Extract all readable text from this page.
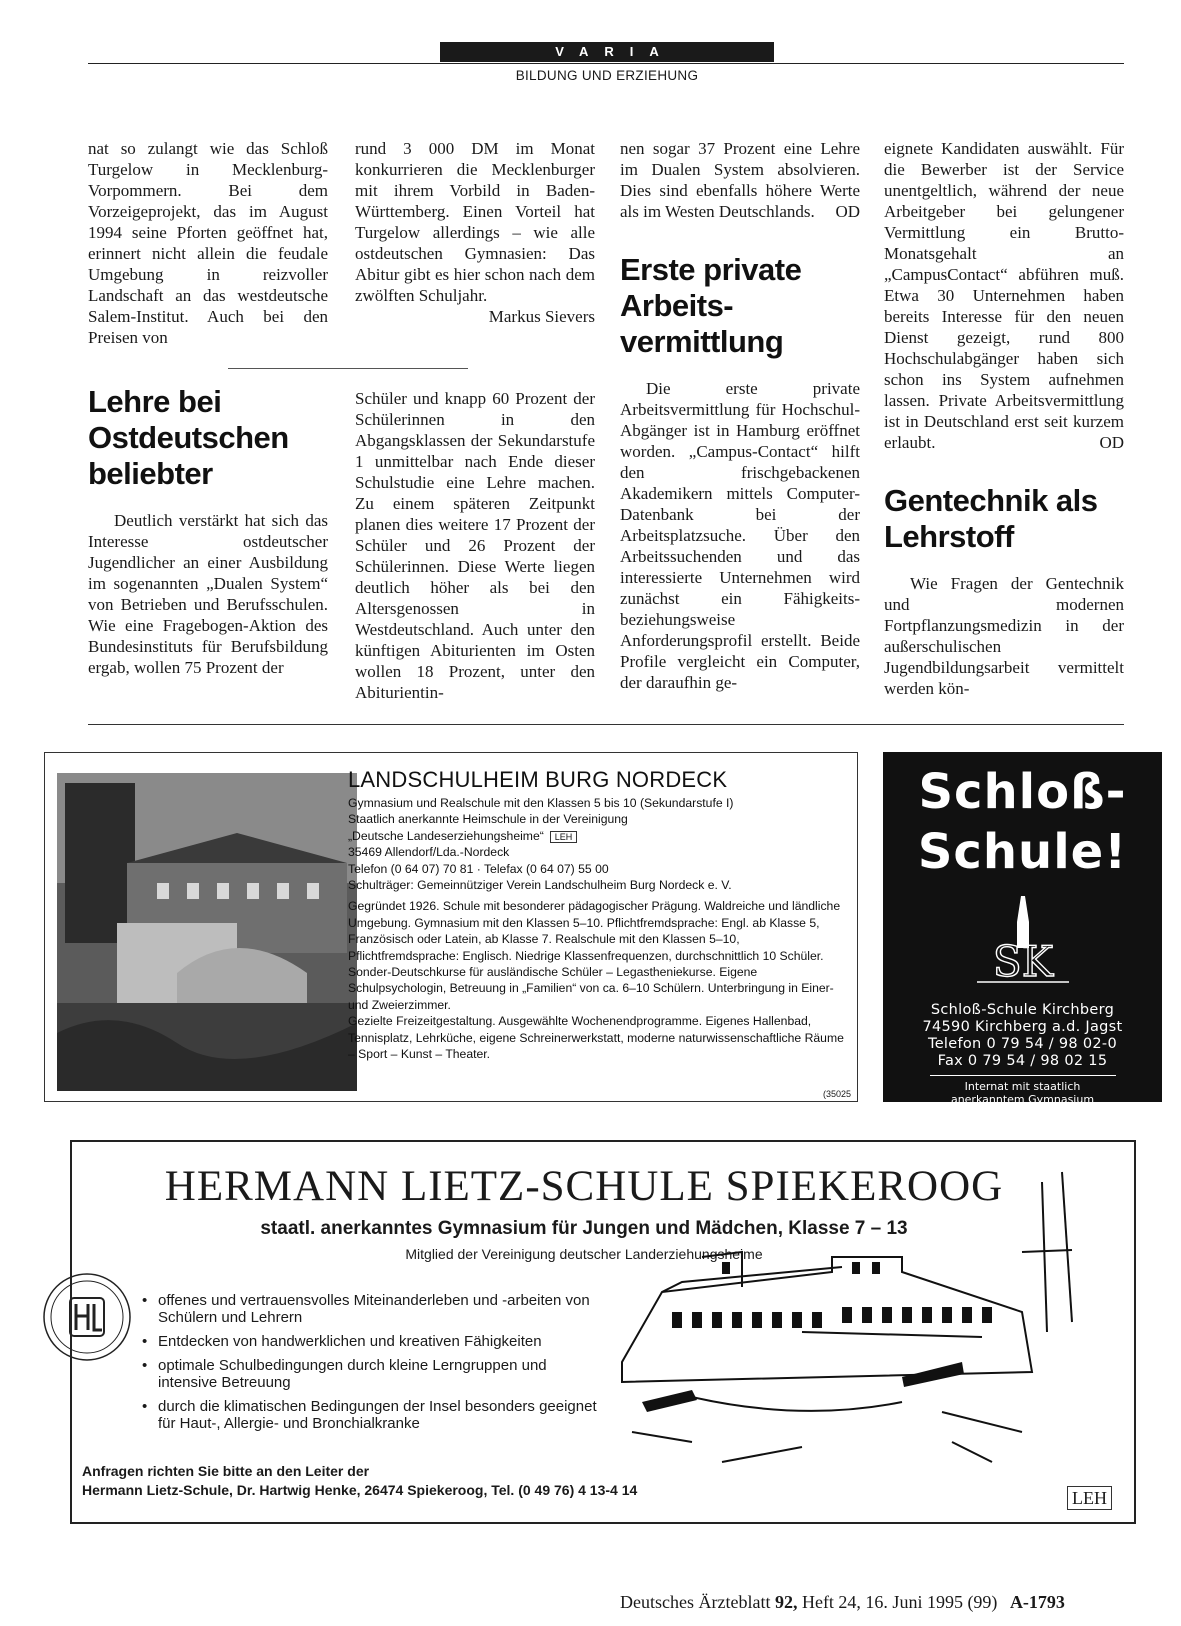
VARIA
BILDUNG UND ERZIEHUNG

nat so zulangt wie das Schloß Turgelow in Mecklenburg-Vorpommern. Bei dem Vorzeigeprojekt, das im August 1994 seine Pforten geöffnet hat, erinnert nicht allein die feudale Umgebung in reizvoller Landschaft an das westdeutsche Salem-Institut. Auch bei den Preisen von

Lehre bei Ostdeutschen beliebter

Deutlich verstärkt hat sich das Interesse ostdeutscher Jugendlicher an einer Ausbildung im sogenannten „Dualen System“ von Betrieben und Berufsschulen. Wie eine Fragebogen-Aktion des Bundesinstituts für Berufsbildung ergab, wollen 75 Prozent der

rund 3 000 DM im Monat konkurrieren die Mecklenburger mit ihrem Vorbild in Baden-Württemberg. Einen Vorteil hat Turgelow allerdings – wie alle ostdeutschen Gymnasien: Das Abitur gibt es hier schon nach dem zwölften Schuljahr.

Markus Sievers

Schüler und knapp 60 Prozent der Schülerinnen in den Abgangsklassen der Sekundarstufe 1 unmittelbar nach Ende dieser Schulstudie eine Lehre machen. Zu einem späteren Zeitpunkt planen dies weitere 17 Prozent der Schüler und 26 Prozent der Schülerinnen. Diese Werte liegen deutlich höher als bei den Altersgenossen in Westdeutschland. Auch unter den künftigen Abiturienten im Osten wollen 18 Prozent, unter den Abiturientin-

nen sogar 37 Prozent eine Lehre im Dualen System absolvieren. Dies sind ebenfalls höhere Werte als im Westen Deutschlands.	OD

Erste private Arbeits-vermittlung

Die erste private Arbeitsvermittlung für Hochschul-Abgänger ist in Hamburg eröffnet worden. „Campus-Contact“ hilft den frischgebackenen Akademikern mittels Computer-Datenbank bei der Arbeitsplatzsuche. Über den Arbeitssuchenden und das interessierte Unternehmen wird zunächst ein Fähigkeits- beziehungsweise Anforderungsprofil erstellt. Beide Profile vergleicht ein Computer, der daraufhin ge-

eignete Kandidaten auswählt. Für die Bewerber ist der Service unentgeltlich, während der neue Arbeitgeber bei gelungener Vermittlung ein Brutto-Monatsgehalt an „CampusContact“ abführen muß. Etwa 30 Unternehmen haben bereits Interesse für den neuen Dienst gezeigt, rund 800 Hochschulabgänger haben sich schon ins System aufnehmen lassen. Private Arbeitsvermittlung ist in Deutschland erst seit kurzem erlaubt.	OD

Gentechnik als Lehrstoff

Wie Fragen der Gentechnik und modernen Fortpflanzungsmedizin in der außerschulischen Jugendbildungsarbeit vermittelt werden kön-

LANDSCHULHEIM BURG NORDECK
Gymnasium und Realschule mit den Klassen 5 bis 10 (Sekundarstufe I)
Staatlich anerkannte Heimschule in der Vereinigung
„Deutsche Landeserziehungsheime“ LEH
35469 Allendorf/Lda.-Nordeck
Telefon (0 64 07) 70 81 · Telefax (0 64 07) 55 00
Schulträger: Gemeinnütziger Verein Landschulheim Burg Nordeck e. V.

Gegründet 1926. Schule mit besonderer pädagogischer Prägung. Waldreiche und ländliche Umgebung. Gymnasium mit den Klassen 5–10. Pflichtfremdsprache: Engl. ab Klasse 5, Französisch oder Latein, ab Klasse 7. Realschule mit den Klassen 5–10, Pflichtfremdsprache: Englisch. Niedrige Klassenfrequenzen, durchschnittlich 10 Schüler.

Sonder-Deutschkurse für ausländische Schüler – Legastheniekurse. Eigene Schulpsychologin, Betreuung in „Familien“ von ca. 6–10 Schülern. Unterbringung in Einer- und Zweierzimmer.

Gezielte Freizeitgestaltung. Ausgewählte Wochenendprogramme. Eigenes Hallenbad, Tennisplatz, Lehrküche, eigene Schreinerwerkstatt, moderne naturwissenschaftliche Räume – Sport – Kunst – Theater.

(35025
Schloß-
Schule!
SK
Schloß-Schule Kirchberg
74590 Kirchberg a.d. Jagst
Telefon 0 79 54 / 98 02-0
Fax 0 79 54 / 98 02 15
Internat mit staatlich
anerkanntem Gymnasium
HERMANN LIETZ-SCHULE SPIEKEROOG
staatl. anerkanntes Gymnasium für Jungen und Mädchen, Klasse 7 – 13
Mitglied der Vereinigung deutscher Landerziehungsheime
• offenes und vertrauensvolles Miteinanderleben und -arbeiten von Schülern und Lehrern
• Entdecken von handwerklichen und kreativen Fähigkeiten
• optimale Schulbedingungen durch kleine Lerngruppen und intensive Betreuung
• durch die klimatischen Bedingungen der Insel besonders geeignet für Haut-, Allergie- und Bronchialkranke
Anfragen richten Sie bitte an den Leiter der
Hermann Lietz-Schule, Dr. Hartwig Henke, 26474 Spiekeroog, Tel. (0 49 76) 4 13-4 14	LEH
Deutsches Ärzteblatt 92, Heft 24, 16. Juni 1995 (99) A-1793
